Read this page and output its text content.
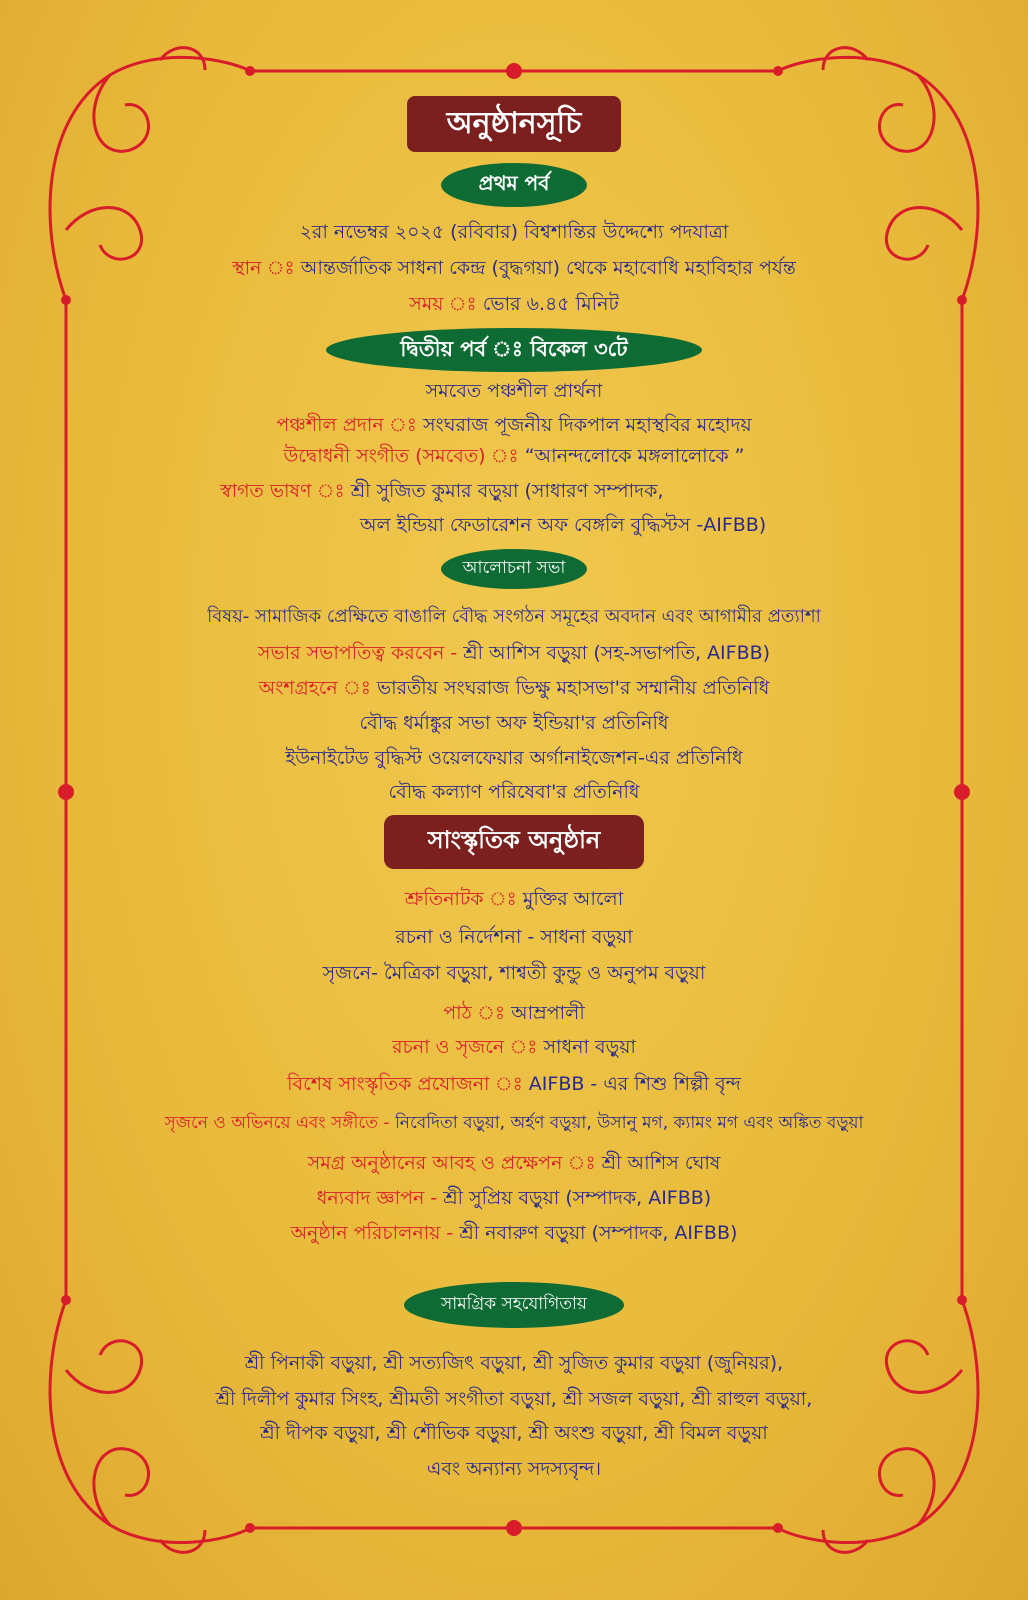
অনুষ্ঠানসূচি
প্রথম পর্ব
২রা নভেম্বর ২০২৫ (রবিবার) বিশ্বশান্তির উদ্দেশ্যে পদযাত্রা
স্থান ঃ আন্তর্জাতিক সাধনা কেন্দ্র (বুদ্ধগয়া) থেকে মহাবোধি মহাবিহার পর্যন্ত
সময় ঃ ভোর ৬.৪৫ মিনিট
দ্বিতীয় পর্ব ঃ বিকেল ৩টে
সমবেত পঞ্চশীল প্রার্থনা
পঞ্চশীল প্রদান ঃ সংঘরাজ পূজনীয় দিকপাল মহাস্থবির মহোদয়
উদ্বোধনী সংগীত (সমবেত) ঃ “আনন্দলোকে মঙ্গলালোকে ”
স্বাগত ভাষণ ঃ শ্রী সুজিত কুমার বড়ুয়া (সাধারণ সম্পাদক,
অল ইন্ডিয়া ফেডারেশন অফ বেঙ্গলি বুদ্ধিস্টস -AIFBB)
আলোচনা সভা
বিষয়- সামাজিক প্রেক্ষিতে বাঙালি বৌদ্ধ সংগঠন সমূহের অবদান এবং আগামীর প্রত্যাশা
সভার সভাপতিত্ব করবেন - শ্রী আশিস বড়ুয়া (সহ-সভাপতি, AIFBB)
অংশগ্রহনে ঃ ভারতীয় সংঘরাজ ভিক্ষু মহাসভা'র সম্মানীয় প্রতিনিধি
বৌদ্ধ ধর্মাঙ্কুর সভা অফ ইন্ডিয়া'র প্রতিনিধি
ইউনাইটেড বুদ্ধিস্ট ওয়েলফেয়ার অর্গানাইজেশন-এর প্রতিনিধি
বৌদ্ধ কল্যাণ পরিষেবা'র প্রতিনিধি
সাংস্কৃতিক অনুষ্ঠান
শ্রুতিনাটক ঃ মুক্তির আলো
রচনা ও নির্দেশনা - সাধনা বড়ুয়া
সৃজনে- মৈত্রিকা বড়ুয়া, শাশ্বতী কুন্ডু ও অনুপম বড়ুয়া
পাঠ ঃ আম্রপালী
রচনা ও সৃজনে ঃ সাধনা বড়ুয়া
বিশেষ সাংস্কৃতিক প্রযোজনা ঃ AIFBB - এর শিশু শিল্পী বৃন্দ
সৃজনে ও অভিনয়ে এবং সঙ্গীতে - নিবেদিতা বড়ুয়া, অর্হণ বড়ুয়া, উসানু মগ, ক্যামং মগ এবং অঙ্কিত বড়ুয়া
সমগ্র অনুষ্ঠানের আবহ ও প্রক্ষেপন ঃ শ্রী আশিস ঘোষ
ধন্যবাদ জ্ঞাপন - শ্রী সুপ্রিয় বড়ুয়া (সম্পাদক, AIFBB)
অনুষ্ঠান পরিচালনায় - শ্রী নবারুণ বড়ুয়া (সম্পাদক, AIFBB)
সামগ্রিক সহযোগিতায়
শ্রী পিনাকী বড়ুয়া, শ্রী সত্যজিৎ বড়ুয়া, শ্রী সুজিত কুমার বড়ুয়া (জুনিয়র),
শ্রী দিলীপ কুমার সিংহ, শ্রীমতী সংগীতা বড়ুয়া, শ্রী সজল বড়ুয়া, শ্রী রাহুল বড়ুয়া,
শ্রী দীপক বড়ুয়া, শ্রী শৌভিক বড়ুয়া, শ্রী অংশু বড়ুয়া, শ্রী বিমল বড়ুয়া
এবং অন্যান্য সদস্যবৃন্দ।
